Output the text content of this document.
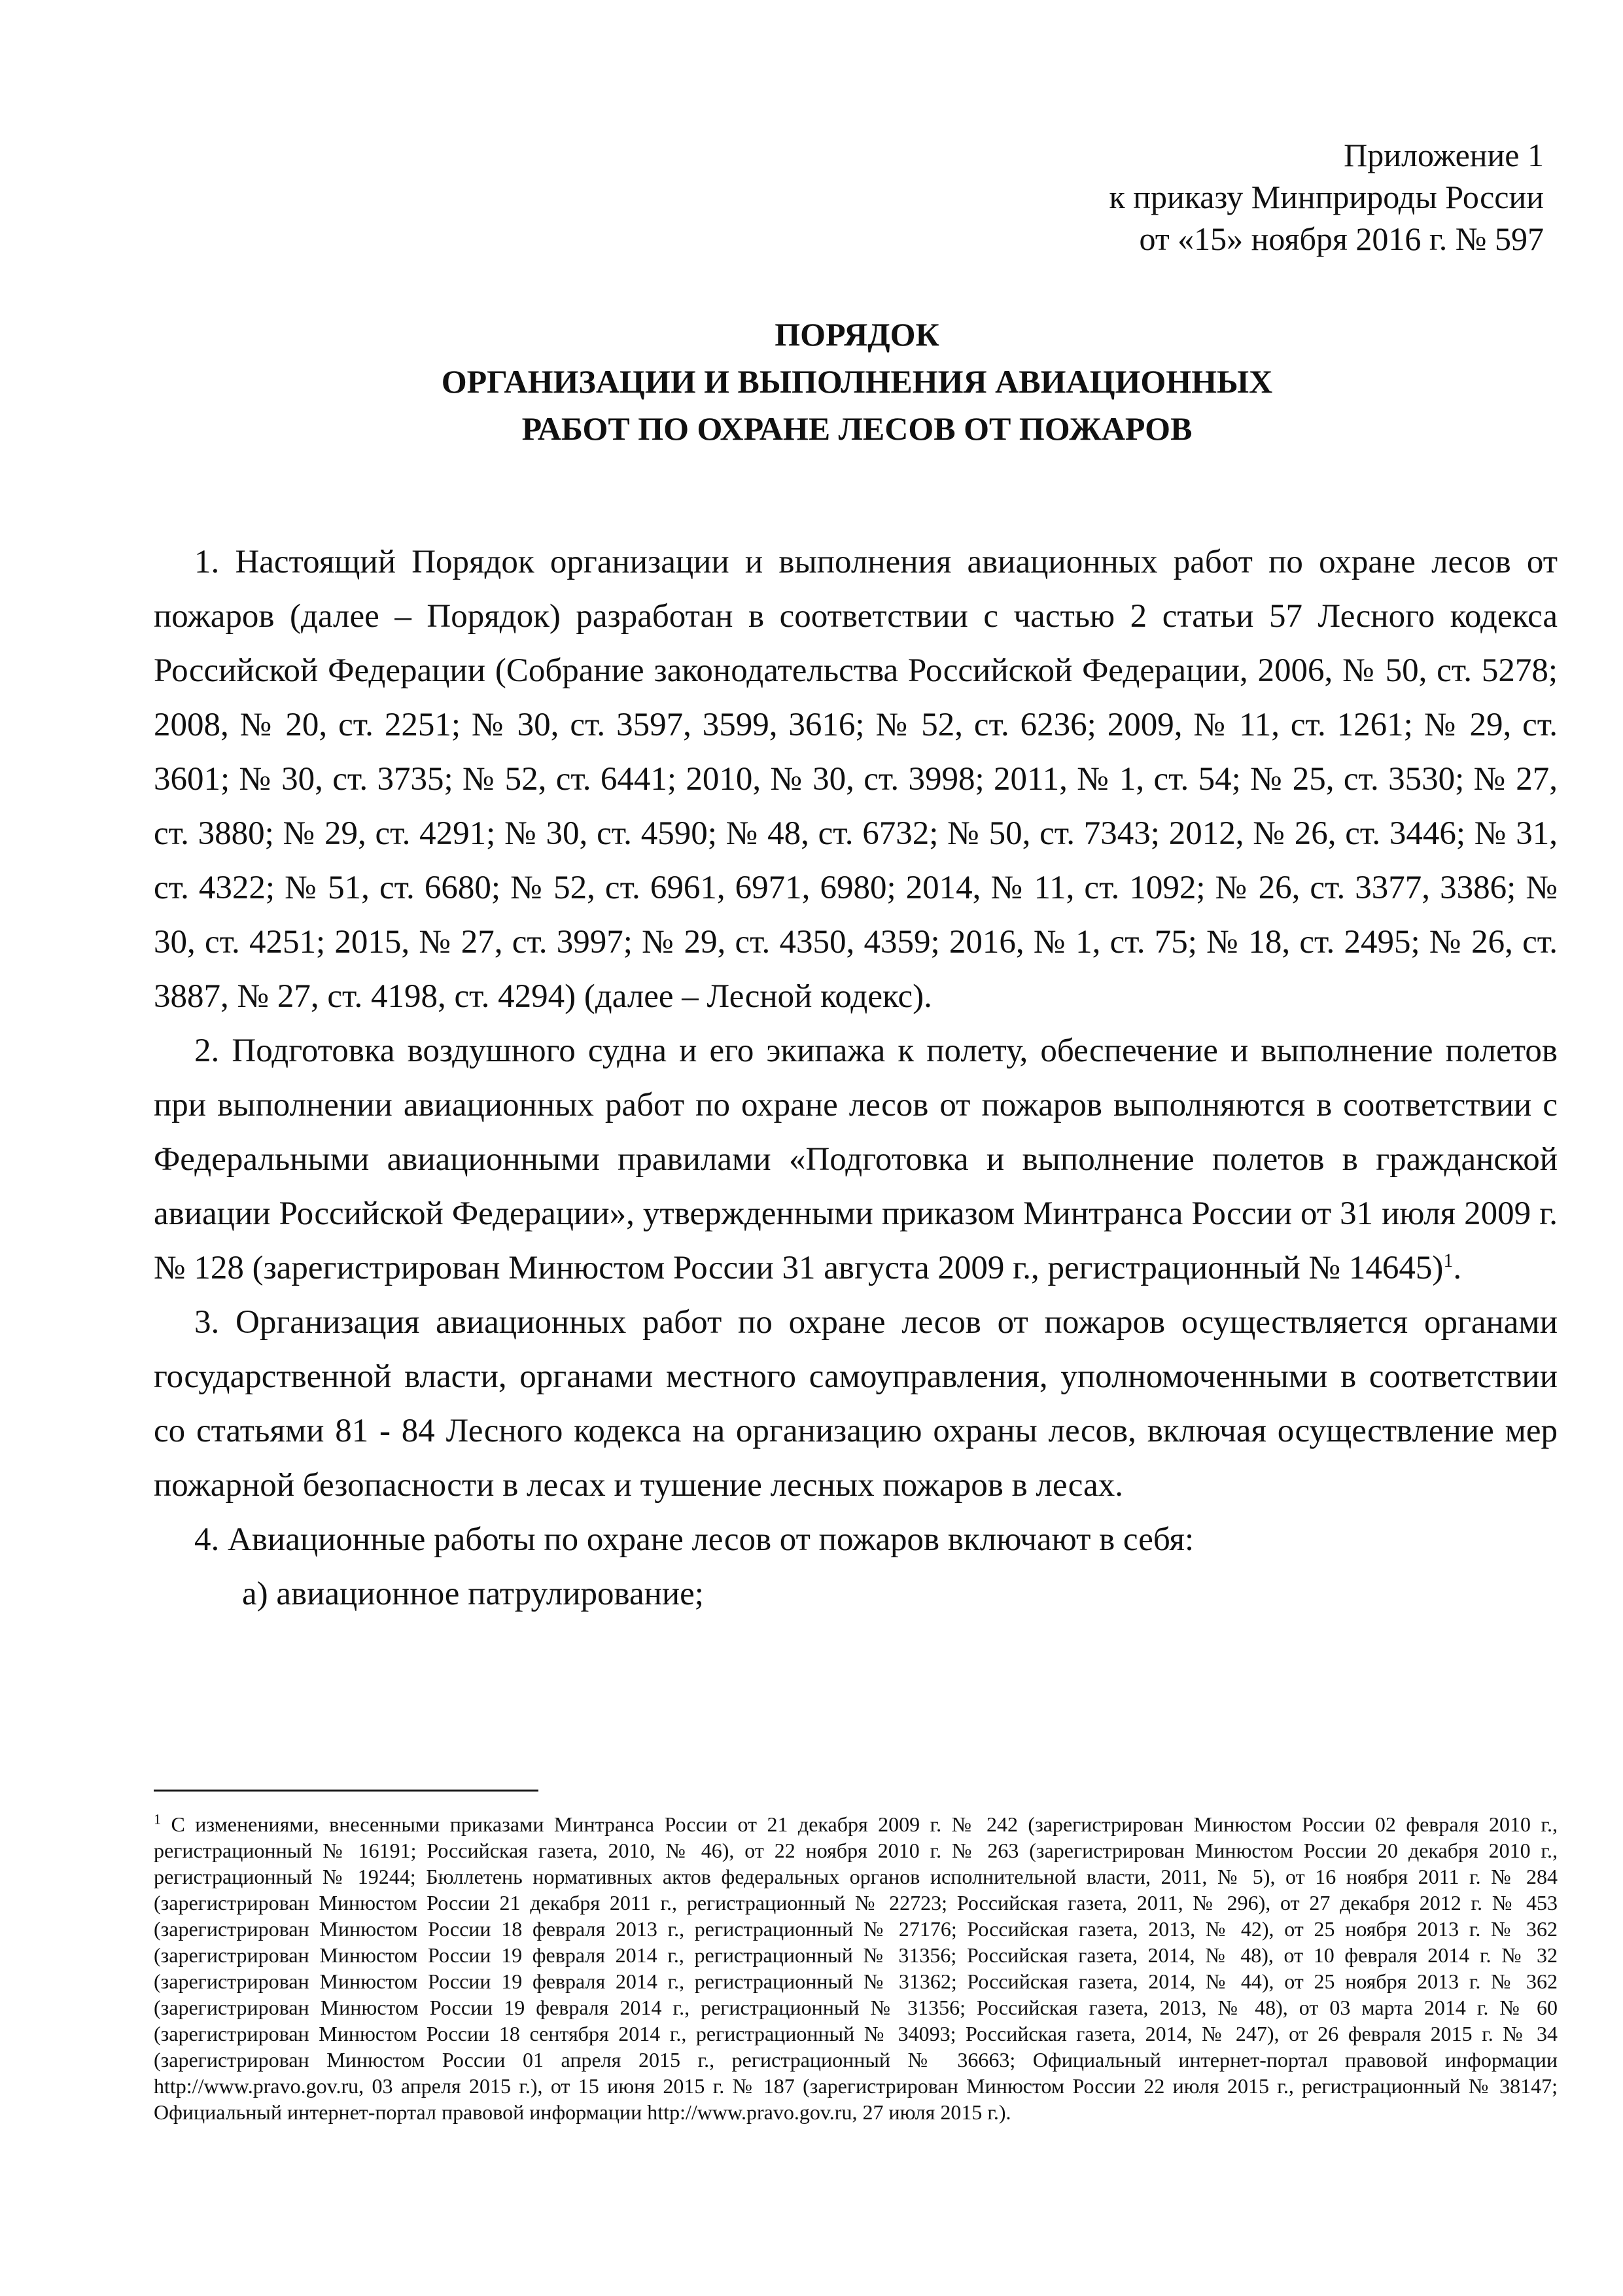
Приложение 1
к приказу Минприроды России
от «15» ноября 2016 г. № 597
ПОРЯДОК
ОРГАНИЗАЦИИ И ВЫПОЛНЕНИЯ АВИАЦИОННЫХ
РАБОТ ПО ОХРАНЕ ЛЕСОВ ОТ ПОЖАРОВ

1. Настоящий Порядок организации и выполнения авиационных работ по охране лесов от пожаров (далее – Порядок) разработан в соответствии с частью 2 статьи 57 Лесного кодекса Российской Федерации (Собрание законодательства Российской Федерации, 2006, № 50, ст. 5278; 2008, № 20, ст. 2251; № 30, ст. 3597, 3599, 3616; № 52, ст. 6236; 2009, № 11, ст. 1261; № 29, ст. 3601; № 30, ст. 3735; № 52, ст. 6441; 2010, № 30, ст. 3998; 2011, № 1, ст. 54; № 25, ст. 3530; № 27, ст. 3880; № 29, ст. 4291; № 30, ст. 4590; № 48, ст. 6732; № 50, ст. 7343; 2012, № 26, ст. 3446; № 31, ст. 4322; № 51, ст. 6680; № 52, ст. 6961, 6971, 6980; 2014, № 11, ст. 1092; № 26, ст. 3377, 3386; № 30, ст. 4251; 2015, № 27, ст. 3997; № 29, ст. 4350, 4359; 2016, № 1, ст. 75; № 18, ст. 2495; № 26, ст. 3887, № 27, ст. 4198, ст. 4294) (далее – Лесной кодекс).

2. Подготовка воздушного судна и его экипажа к полету, обеспечение и выполнение полетов при выполнении авиационных работ по охране лесов от пожаров выполняются в соответствии с Федеральными авиационными правилами «Подготовка и выполнение полетов в гражданской авиации Российской Федерации», утвержденными приказом Минтранса России от 31 июля 2009 г. № 128 (зарегистрирован Минюстом России 31 августа 2009 г., регистрационный № 14645)$^1$.

3. Организация авиационных работ по охране лесов от пожаров осуществляется органами государственной власти, органами местного самоуправления, уполномоченными в соответствии со статьями 81 - 84 Лесного кодекса на организацию охраны лесов, включая осуществление мер пожарной безопасности в лесах и тушение лесных пожаров в лесах.

4. Авиационные работы по охране лесов от пожаров включают в себя:

а) авиационное патрулирование;

$^1$ С изменениями, внесенными приказами Минтранса России от 21 декабря 2009 г. № 242 (зарегистрирован Минюстом России 02 февраля 2010 г., регистрационный № 16191; Российская газета, 2010, № 46), от 22 ноября 2010 г. № 263 (зарегистрирован Минюстом России 20 декабря 2010 г., регистрационный № 19244; Бюллетень нормативных актов федеральных органов исполнительной власти, 2011, № 5), от 16 ноября 2011 г. № 284 (зарегистрирован Минюстом России 21 декабря 2011 г., регистрационный № 22723; Российская газета, 2011, № 296), от 27 декабря 2012 г. № 453 (зарегистрирован Минюстом России 18 февраля 2013 г., регистрационный № 27176; Российская газета, 2013, № 42), от 25 ноября 2013 г. № 362 (зарегистрирован Минюстом России 19 февраля 2014 г., регистрационный № 31356; Российская газета, 2014, № 48), от 10 февраля 2014 г. № 32 (зарегистрирован Минюстом России 19 февраля 2014 г., регистрационный № 31362; Российская газета, 2014, № 44), от 25 ноября 2013 г. № 362 (зарегистрирован Минюстом России 19 февраля 2014 г., регистрационный № 31356; Российская газета, 2013, № 48), от 03 марта 2014 г. № 60 (зарегистрирован Минюстом России 18 сентября 2014 г., регистрационный № 34093; Российская газета, 2014, № 247), от 26 февраля 2015 г. № 34 (зарегистрирован Минюстом России 01 апреля 2015 г., регистрационный № 36663; Официальный интернет-портал правовой информации http://www.pravo.gov.ru, 03 апреля 2015 г.), от 15 июня 2015 г. № 187 (зарегистрирован Минюстом России 22 июля 2015 г., регистрационный № 38147; Официальный интернет-портал правовой информации http://www.pravo.gov.ru, 27 июля 2015 г.).
